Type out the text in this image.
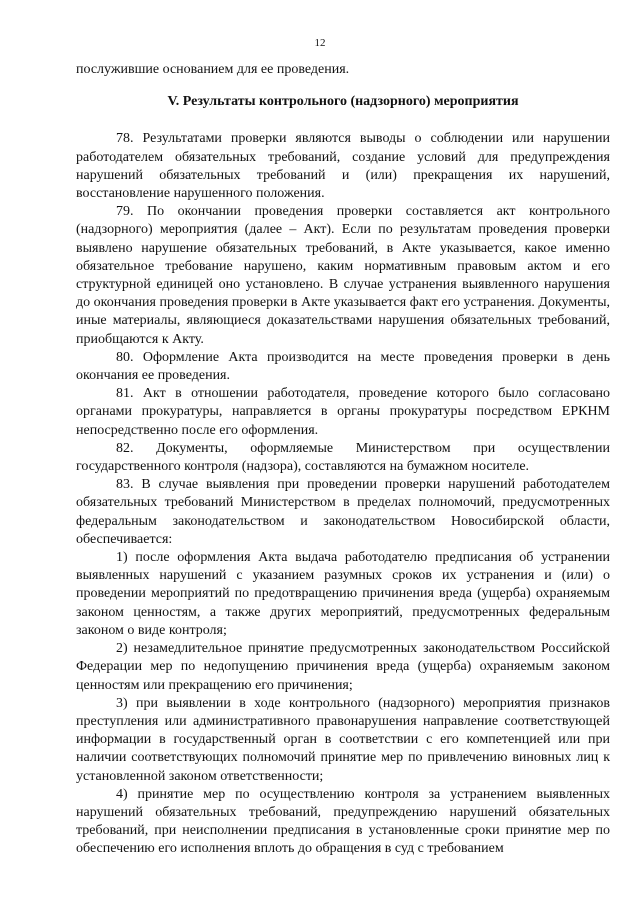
12

послужившие основанием для ее проведения.

V. Результаты контрольного (надзорного) мероприятия

78. Результатами проверки являются выводы о соблюдении или нарушении работодателем обязательных требований, создание условий для предупреждения нарушений обязательных требований и (или) прекращения их нарушений, восстановление нарушенного положения.

79. По окончании проведения проверки составляется акт контрольного (надзорного) мероприятия (далее – Акт). Если по результатам проведения проверки выявлено нарушение обязательных требований, в Акте указывается, какое именно обязательное требование нарушено, каким нормативным правовым актом и его структурной единицей оно установлено. В случае устранения выявленного нарушения до окончания проведения проверки в Акте указывается факт его устранения. Документы, иные материалы, являющиеся доказательствами нарушения обязательных требований, приобщаются к Акту.

80. Оформление Акта производится на месте проведения проверки в день окончания ее проведения.

81. Акт в отношении работодателя, проведение которого было согласовано органами прокуратуры, направляется в органы прокуратуры посредством ЕРКНМ непосредственно после его оформления.

82. Документы, оформляемые Министерством при осуществлении государственного контроля (надзора), составляются на бумажном носителе.

83. В случае выявления при проведении проверки нарушений работодателем обязательных требований Министерством в пределах полномочий, предусмотренных федеральным законодательством и законодательством Новосибирской области, обеспечивается:

1) после оформления Акта выдача работодателю предписания об устранении выявленных нарушений с указанием разумных сроков их устранения и (или) о проведении мероприятий по предотвращению причинения вреда (ущерба) охраняемым законом ценностям, а также других мероприятий, предусмотренных федеральным законом о виде контроля;

2) незамедлительное принятие предусмотренных законодательством Российской Федерации мер по недопущению причинения вреда (ущерба) охраняемым законом ценностям или прекращению его причинения;

3) при выявлении в ходе контрольного (надзорного) мероприятия признаков преступления или административного правонарушения направление соответствующей информации в государственный орган в соответствии с его компетенцией или при наличии соответствующих полномочий принятие мер по привлечению виновных лиц к установленной законом ответственности;

4) принятие мер по осуществлению контроля за устранением выявленных нарушений обязательных требований, предупреждению нарушений обязательных требований, при неисполнении предписания в установленные сроки принятие мер по обеспечению его исполнения вплоть до обращения в суд с требованием
